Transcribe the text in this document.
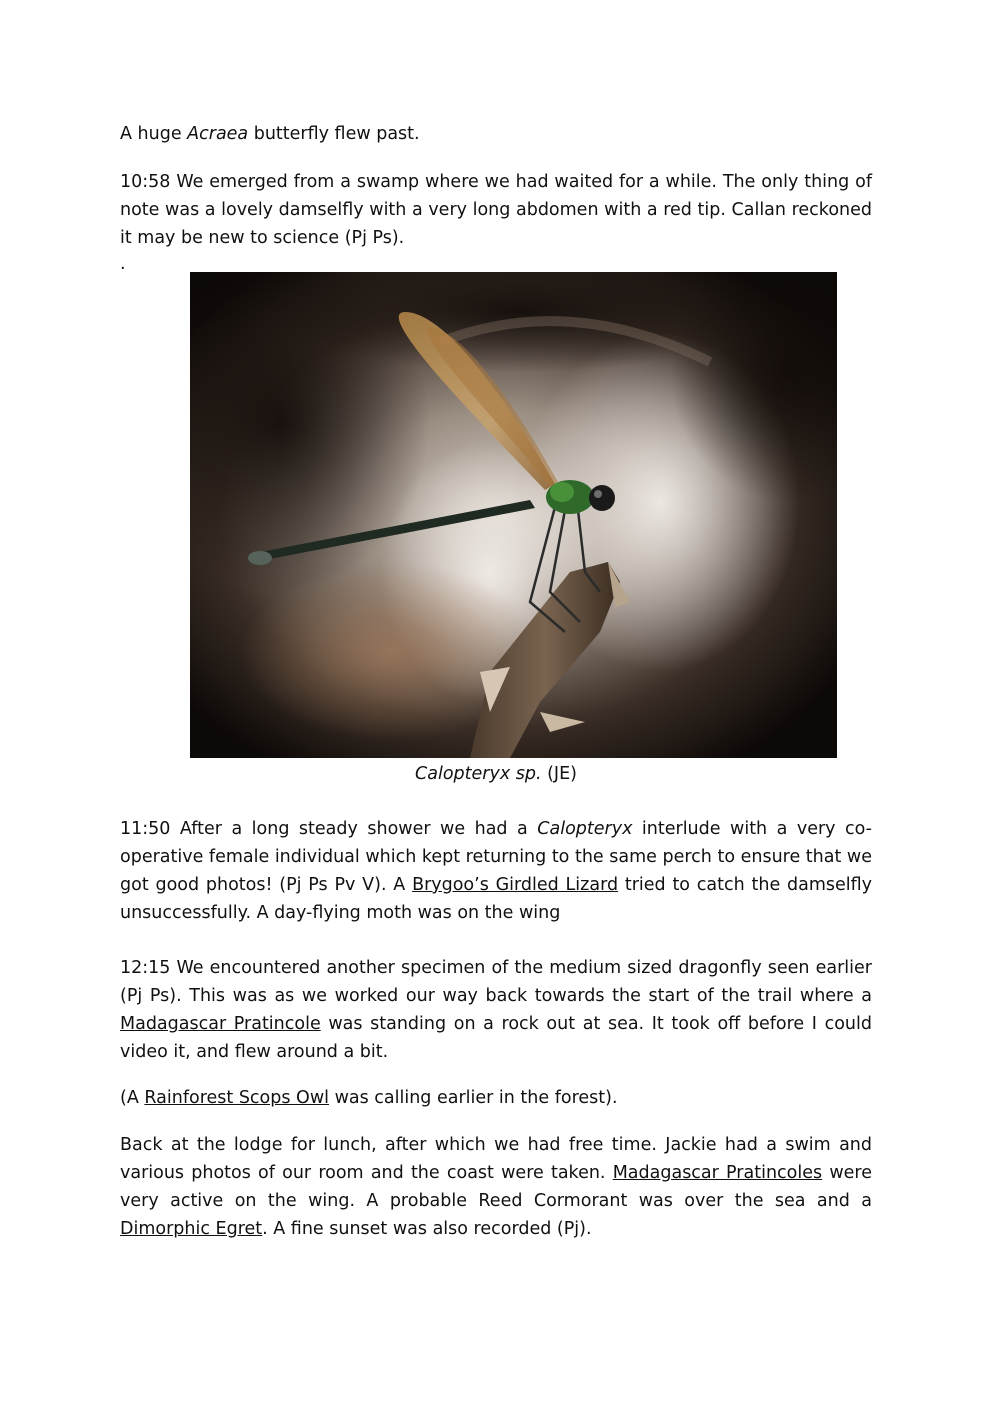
A huge Acraea butterfly flew past.

10:58 We emerged from a swamp where we had waited for a while. The only thing of note was a lovely damselfly with a very long abdomen with a red tip. Callan reckoned it may be new to science (Pj Ps).

.
Calopteryx sp. (JE)

11:50 After a long steady shower we had a Calopteryx interlude with a very co-operative female individual which kept returning to the same perch to ensure that we got good photos! (Pj Ps Pv V). A Brygoo’s Girdled Lizard tried to catch the damselfly unsuccessfully. A day-flying moth was on the wing

12:15 We encountered another specimen of the medium sized dragonfly seen earlier (Pj Ps). This was as we worked our way back towards the start of the trail where a Madagascar Pratincole was standing on a rock out at sea. It took off before I could video it, and flew around a bit.

(A Rainforest Scops Owl was calling earlier in the forest).

Back at the lodge for lunch, after which we had free time. Jackie had a swim and various photos of our room and the coast were taken. Madagascar Pratincoles were very active on the wing. A probable Reed Cormorant was over the sea and a Dimorphic Egret. A fine sunset was also recorded (Pj).
